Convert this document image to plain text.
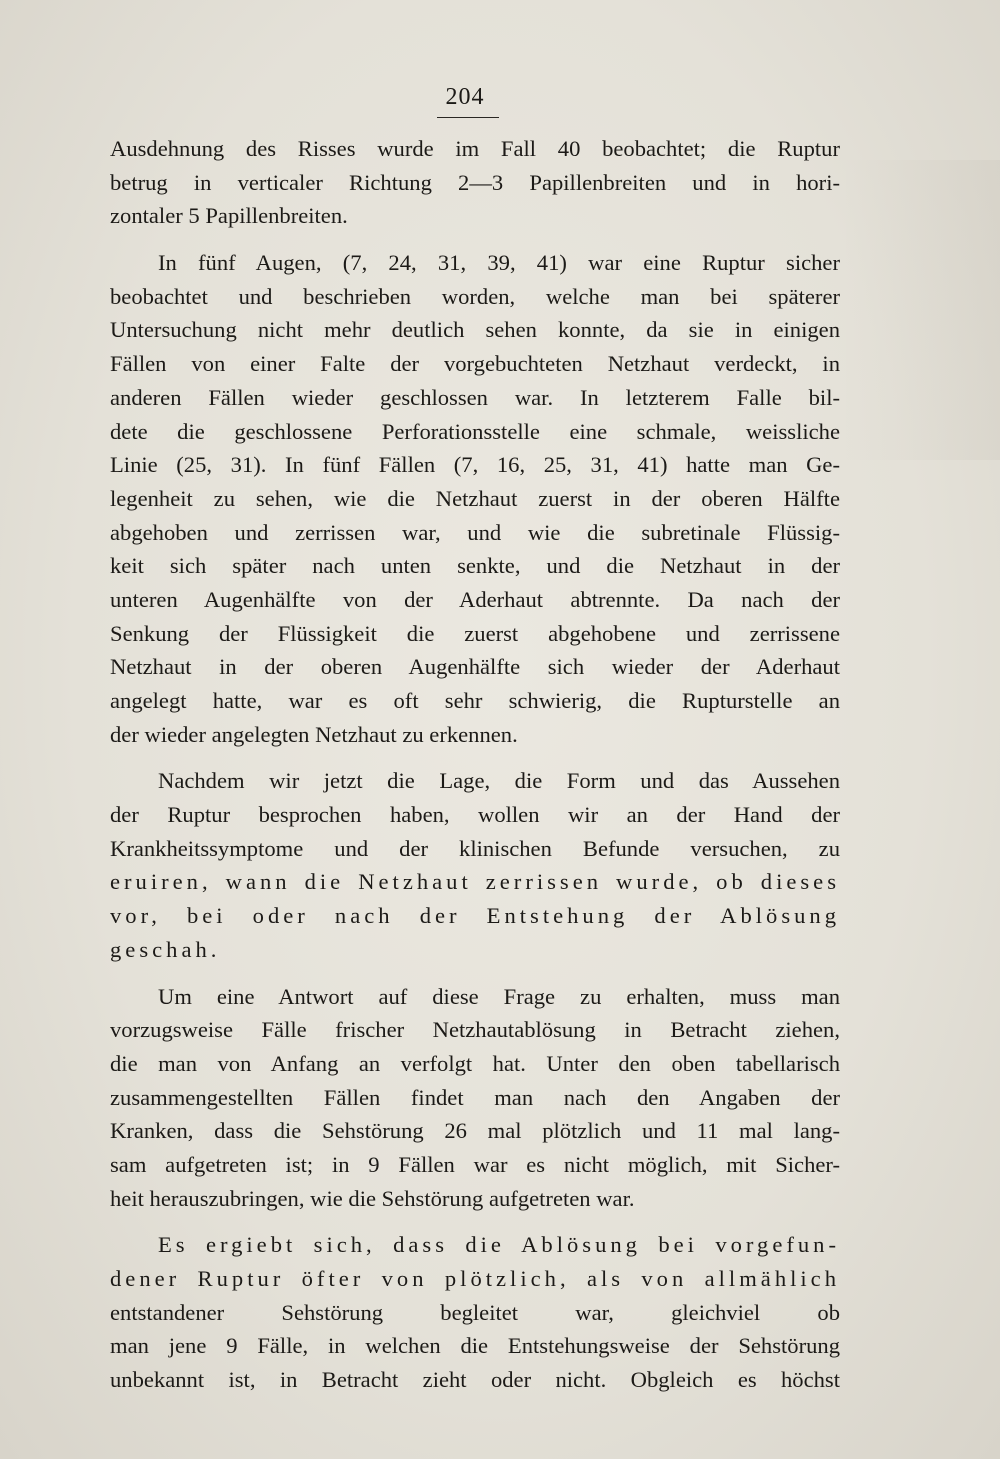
204
Ausdehnung des Risses wurde im Fall 40 beobachtet; die Ruptur
betrug in verticaler Richtung 2—3 Papillenbreiten und in hori-
zontaler 5 Papillenbreiten.
In fünf Augen, (7, 24, 31, 39, 41) war eine Ruptur sicher
beobachtet und beschrieben worden, welche man bei späterer
Untersuchung nicht mehr deutlich sehen konnte, da sie in einigen
Fällen von einer Falte der vorgebuchteten Netzhaut verdeckt, in
anderen Fällen wieder geschlossen war. In letzterem Falle bil-
dete die geschlossene Perforationsstelle eine schmale, weissliche
Linie (25, 31). In fünf Fällen (7, 16, 25, 31, 41) hatte man Ge-
legenheit zu sehen, wie die Netzhaut zuerst in der oberen Hälfte
abgehoben und zerrissen war, und wie die subretinale Flüssig-
keit sich später nach unten senkte, und die Netzhaut in der
unteren Augenhälfte von der Aderhaut abtrennte. Da nach der
Senkung der Flüssigkeit die zuerst abgehobene und zerrissene
Netzhaut in der oberen Augenhälfte sich wieder der Aderhaut
angelegt hatte, war es oft sehr schwierig, die Rupturstelle an
der wieder angelegten Netzhaut zu erkennen.
Nachdem wir jetzt die Lage, die Form und das Aussehen
der Ruptur besprochen haben, wollen wir an der Hand der
Krankheitssymptome und der klinischen Befunde versuchen, zu
eruiren, wann die Netzhaut zerrissen wurde, ob dieses
vor, bei oder nach der Entstehung der Ablösung
geschah.
Um eine Antwort auf diese Frage zu erhalten, muss man
vorzugsweise Fälle frischer Netzhautablösung in Betracht ziehen,
die man von Anfang an verfolgt hat. Unter den oben tabellarisch
zusammengestellten Fällen findet man nach den Angaben der
Kranken, dass die Sehstörung 26 mal plötzlich und 11 mal lang-
sam aufgetreten ist; in 9 Fällen war es nicht möglich, mit Sicher-
heit herauszubringen, wie die Sehstörung aufgetreten war.
Es ergiebt sich, dass die Ablösung bei vorgefun-
dener Ruptur öfter von plötzlich, als von allmählich
entstandener Sehstörung begleitet war, gleichviel ob
man jene 9 Fälle, in welchen die Entstehungsweise der Sehstörung
unbekannt ist, in Betracht zieht oder nicht. Obgleich es höchst
